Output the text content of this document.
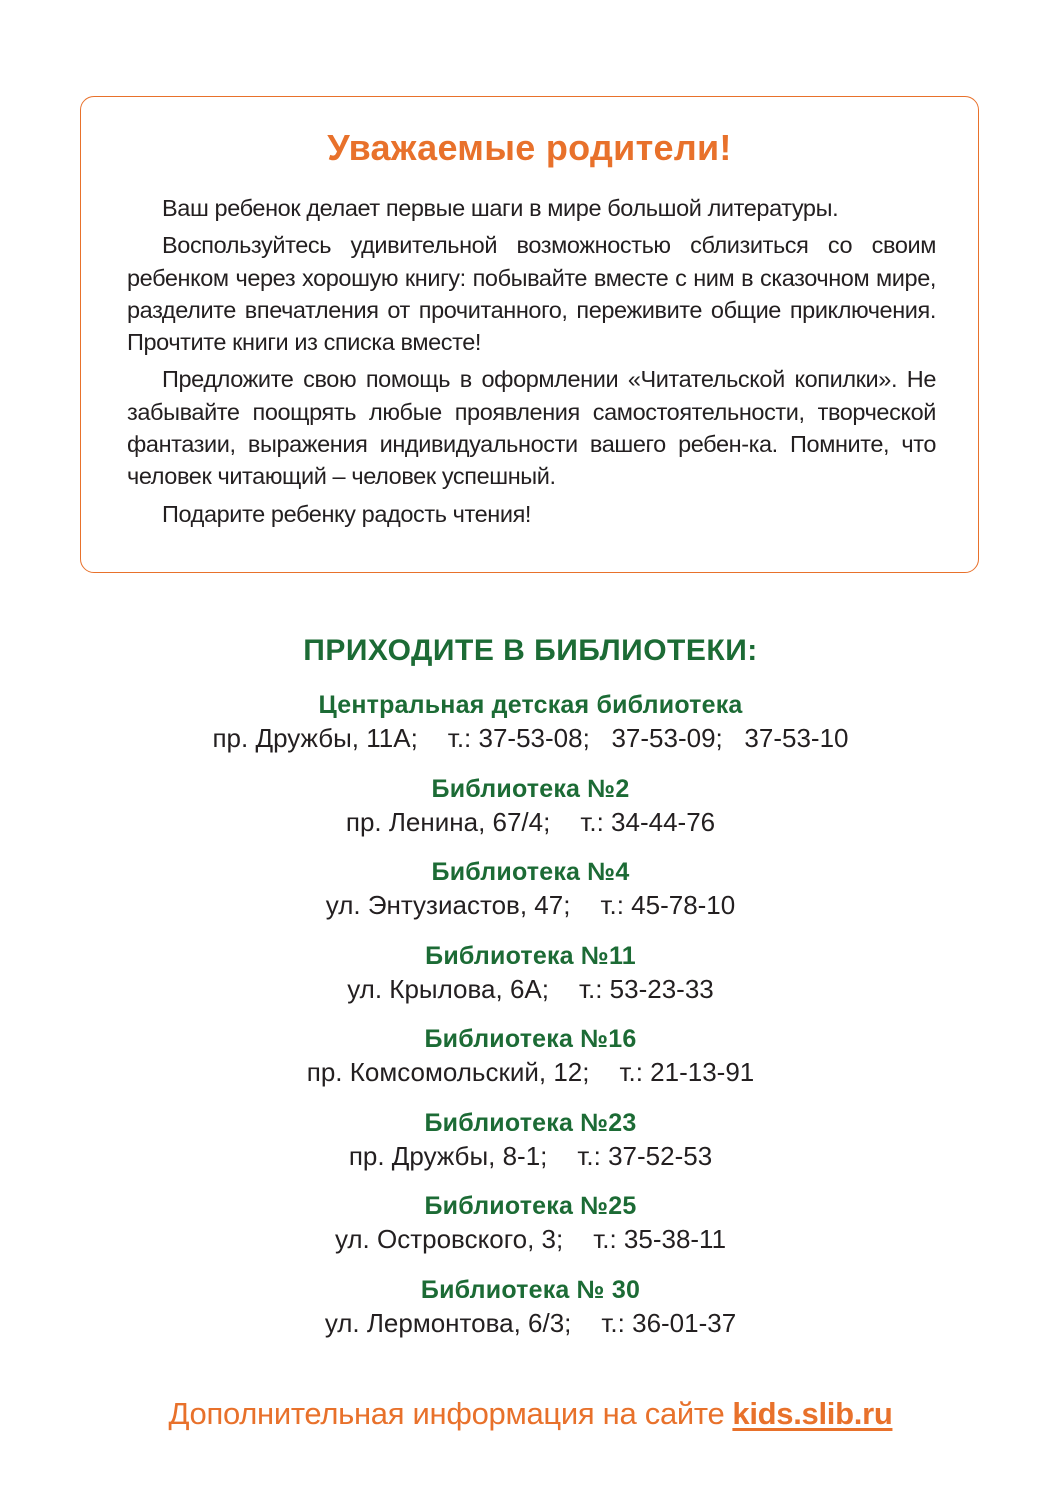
Уважаемые родители!

Ваш ребенок делает первые шаги в мире большой литературы.

Воспользуйтесь удивительной возможностью сблизиться со своим ребенком через хорошую книгу: побывайте вместе с ним в сказочном мире, разделите впечатления от прочитанного, переживите общие приключения. Прочтите книги из списка вместе!

Предложите свою помощь в оформлении «Читательской копилки». Не забывайте поощрять любые проявления самостоятельности, творческой фантазии, выражения индивидуальности вашего ребен-ка. Помните, что человек читающий – человек успешный.

Подарите ребенку радость чтения!

ПРИХОДИТЕ В БИБЛИОТЕКИ:
Центральная детская библиотека
пр. Дружбы, 11А; т.: 37-53-08;   37-53-09;   37-53-10
Библиотека №2
пр. Ленина, 67/4; т.: 34-44-76
Библиотека №4
ул. Энтузиастов, 47; т.: 45-78-10
Библиотека №11
ул. Крылова, 6А; т.: 53-23-33
Библиотека №16
пр. Комсомольский, 12; т.: 21-13-91
Библиотека №23
пр. Дружбы, 8-1; т.: 37-52-53
Библиотека №25
ул. Островского, 3; т.: 35-38-11
Библиотека № 30
ул. Лермонтова, 6/3; т.: 36-01-37
Дополнительная информация на сайте kids.slib.ru
